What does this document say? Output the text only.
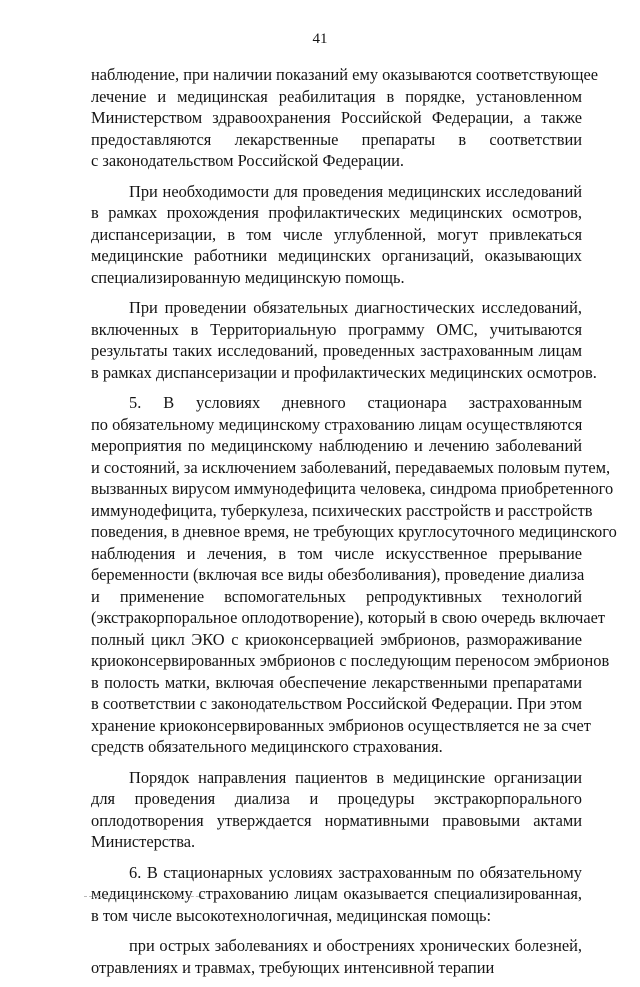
41
наблюдение, при наличии показаний ему оказываются соответствующее
лечение и медицинская реабилитация в порядке, установленном
Министерством здравоохранения Российской Федерации, а также
предоставляются лекарственные препараты в соответствии
с законодательством Российской Федерации.
При необходимости для проведения медицинских исследований
в рамках прохождения профилактических медицинских осмотров,
диспансеризации, в том числе углубленной, могут привлекаться
медицинские работники медицинских организаций, оказывающих
специализированную медицинскую помощь.
При проведении обязательных диагностических исследований,
включенных в Территориальную программу ОМС, учитываются
результаты таких исследований, проведенных застрахованным лицам
в рамках диспансеризации и профилактических медицинских осмотров.
5. В условиях дневного стационара застрахованным
по обязательному медицинскому страхованию лицам осуществляются
мероприятия по медицинскому наблюдению и лечению заболеваний
и состояний, за исключением заболеваний, передаваемых половым путем,
вызванных вирусом иммунодефицита человека, синдрома приобретенного
иммунодефицита, туберкулеза, психических расстройств и расстройств
поведения, в дневное время, не требующих круглосуточного медицинского
наблюдения и лечения, в том числе искусственное прерывание
беременности (включая все виды обезболивания), проведение диализа
и применение вспомогательных репродуктивных технологий
(экстракорпоральное оплодотворение), который в свою очередь включает
полный цикл ЭКО с криоконсервацией эмбрионов, размораживание
криоконсервированных эмбрионов с последующим переносом эмбрионов
в полость матки, включая обеспечение лекарственными препаратами
в соответствии с законодательством Российской Федерации. При этом
хранение криоконсервированных эмбрионов осуществляется не за счет
средств обязательного медицинского страхования.
Порядок направления пациентов в медицинские организации
для проведения диализа и процедуры экстракорпорального
оплодотворения утверждается нормативными правовыми актами
Министерства.
6. В стационарных условиях застрахованным по обязательному
медицинскому страхованию лицам оказывается специализированная,
в том числе высокотехнологичная, медицинская помощь:
при острых заболеваниях и обострениях хронических болезней,
отравлениях и травмах, требующих интенсивной терапии
